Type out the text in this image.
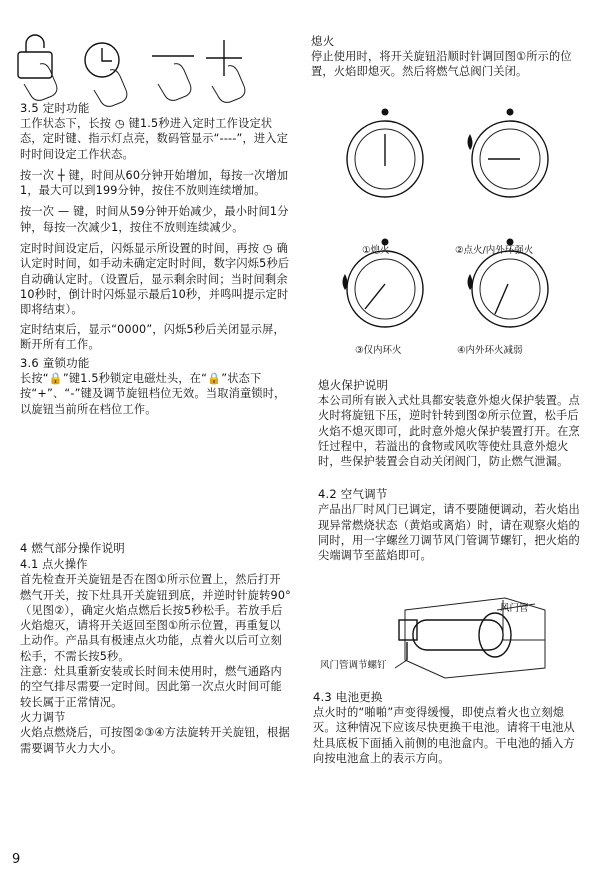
3.5 定时功能

工作状态下，长按 ◷ 键1.5秒进入定时工作设定状态，定时键、指示灯点亮，数码管显示“----”，进入定时时间设定工作状态。

按一次 ┼ 键，时间从60分钟开始增加，每按一次增加1，最大可以到199分钟，按住不放则连续增加。

按一次 — 键，时间从59分钟开始减少，最小时间1分钟，每按一次减少1，按住不放则连续减少。

定时时间设定后，闪烁显示所设置的时间，再按 ◷ 确认定时时间，如手动未确定定时时间，数字闪烁5秒后自动确认定时。（设置后，显示剩余时间；当时间剩余10秒时，倒计时闪烁显示最后10秒，并鸣叫提示定时即将结束）。

定时结束后，显示“0000”，闪烁5秒后关闭显示屏，断开所有工作。

3.6 童锁功能

长按“🔒”键1.5秒锁定电磁灶头，在“🔒”状态下按“+”、“-”键及调节旋钮档位无效。当取消童锁时，以旋钮当前所在档位工作。

4 燃气部分操作说明

4.1 点火操作

首先检查开关旋钮是否在图①所示位置上，然后打开燃气开关，按下灶具开关旋钮到底，并逆时针旋转90°（见图②），确定火焰点燃后长按5秒松手。若放手后火焰熄灭，请将开关返回至图①所示位置，再重复以上动作。产品具有极速点火功能，点着火以后可立刻松手，不需长按5秒。

注意：灶具重新安装或长时间未使用时，燃气通路内的空气排尽需要一定时间。因此第一次点火时间可能较长属于正常情况。

火力调节

火焰点燃烧后，可按图②③④方法旋转开关旋钮，根据需要调节火力大小。

熄火

停止使用时，将开关旋钮沿顺时针调回图①所示的位置，火焰即熄灭。然后将燃气总阀门关闭。

①熄火	②点火/内外环强火
③仅内环火	④内外环火减弱

熄火保护说明

本公司所有嵌入式灶具都安装意外熄火保护装置。点火时将旋钮下压，逆时针转到图②所示位置，松手后火焰不熄灭即可，此时意外熄火保护装置打开。在烹饪过程中，若溢出的食物或风吹等使灶具意外熄火时，些保护装置会自动关闭阀门，防止燃气泄漏。

4.2 空气调节

产品出厂时风门已调定，请不要随便调动，若火焰出现异常燃烧状态（黄焰或离焰）时，请在观察火焰的同时，用一字螺丝刀调节风门管调节螺钉，把火焰的尖端调节至蓝焰即可。

风门管
风门管调节螺钉

4.3 电池更换

点火时的“啪啪”声变得缓慢，即使点着火也立刻熄灭。这种情况下应该尽快更换干电池。请将干电池从灶具底板下面插入前侧的电池盒内。干电池的插入方向按电池盒上的表示方向。

9
